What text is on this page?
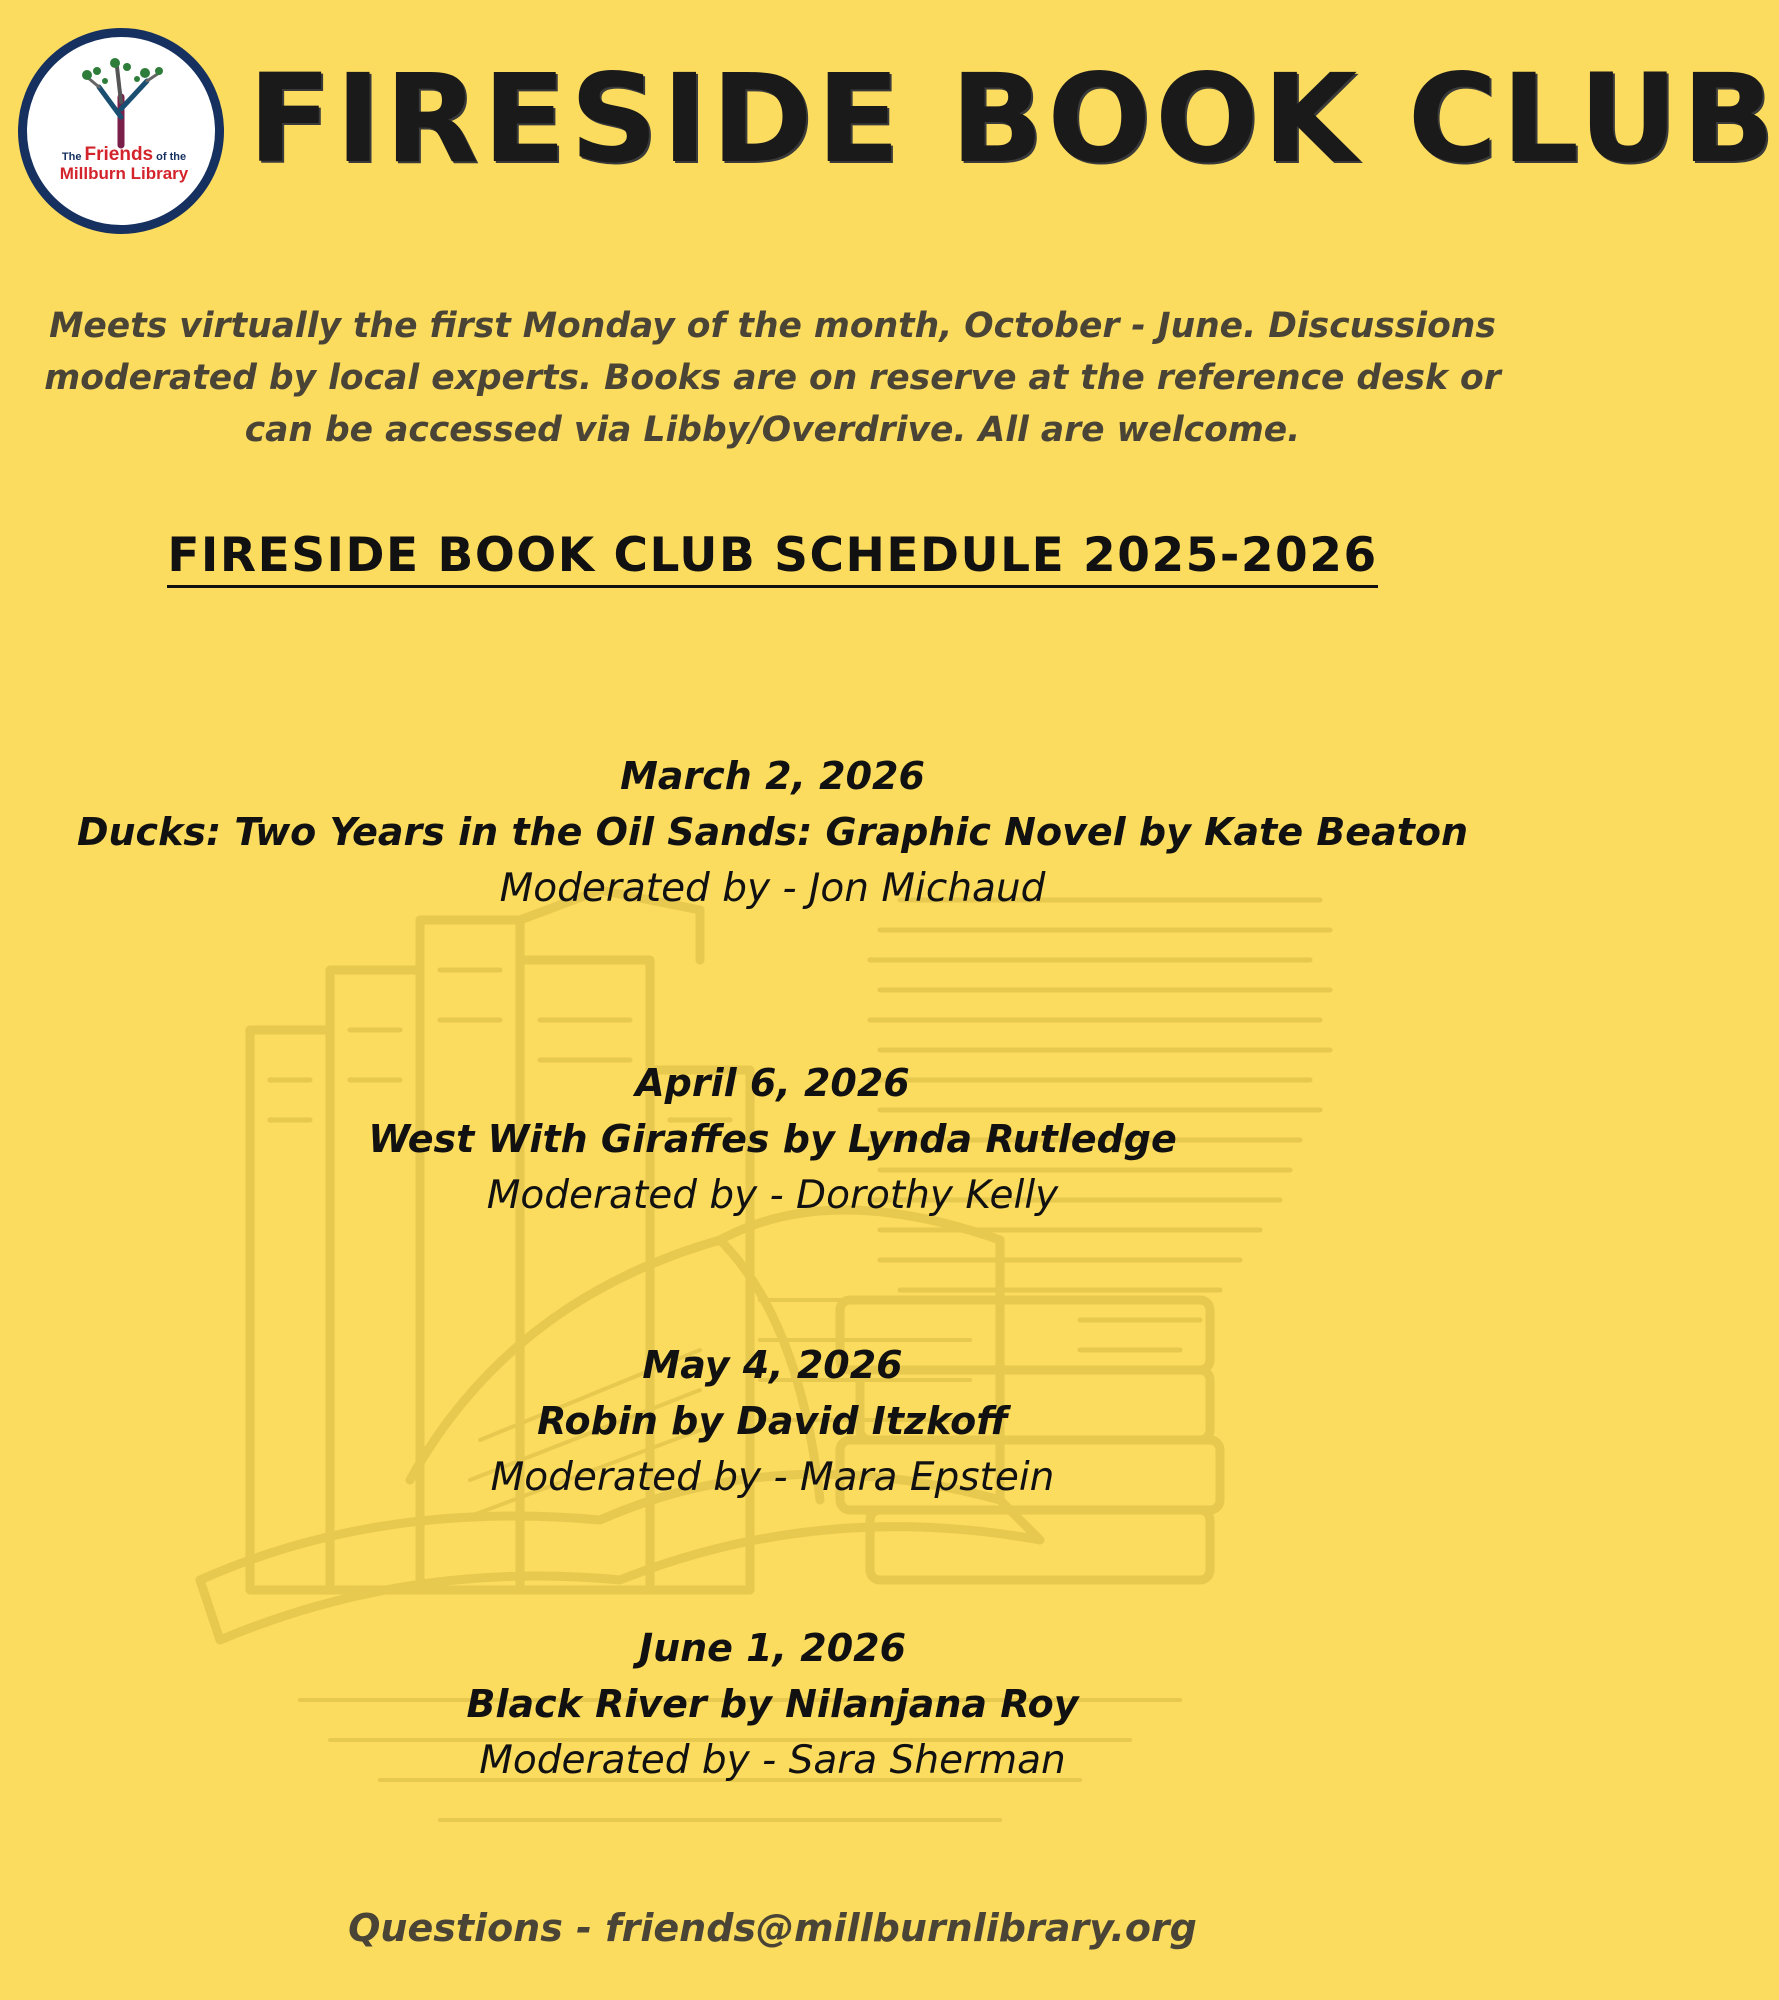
The Friends of the
Millburn Library FIRESIDE BOOK CLUB
Meets virtually the first Monday of the month, October - June. Discussions moderated by local experts. Books are on reserve at the reference desk or can be accessed via Libby/Overdrive. All are welcome.
FIRESIDE BOOK CLUB SCHEDULE 2025-2026
March 2, 2026
Ducks: Two Years in the Oil Sands: Graphic Novel by Kate Beaton
Moderated by - Jon Michaud
April 6, 2026
West With Giraffes by Lynda Rutledge
Moderated by - Dorothy Kelly
May 4, 2026
Robin by David Itzkoff
Moderated by - Mara Epstein
June 1, 2026
Black River by Nilanjana Roy
Moderated by - Sara Sherman
Questions - friends@millburnlibrary.org
